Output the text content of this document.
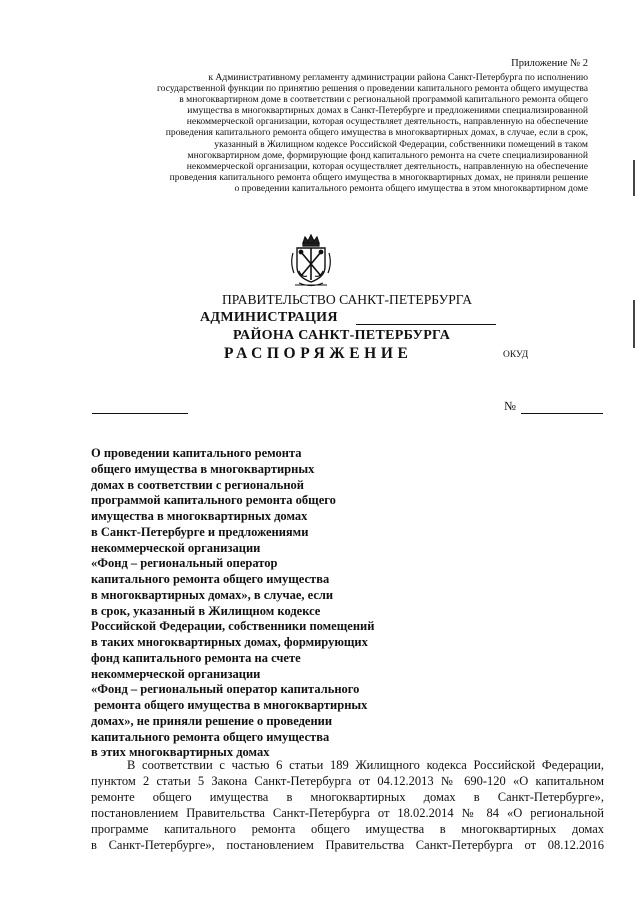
Приложение № 2
к Административному регламенту администрации района Санкт-Петербурга по исполнению
государственной функции по принятию решения о проведении капитального ремонта общего имущества
в многоквартирном доме в соответствии с региональной программой капитального ремонта общего
имущества в многоквартирных домах в Санкт-Петербурге и предложениями специализированной
некоммерческой организации, которая осуществляет деятельность, направленную на обеспечение
проведения капитального ремонта общего имущества в многоквартирных домах, в случае, если в срок,
указанный в Жилищном кодексе Российской Федерации, собственники помещений в таком
многоквартирном доме, формирующие фонд капитального ремонта на счете специализированной
некоммерческой организации, которая осуществляет деятельность, направленную на обеспечение
проведения капитального ремонта общего имущества в многоквартирных домах, не приняли решение
о проведении капитального ремонта общего имущества в этом многоквартирном доме
ПРАВИТЕЛЬСТВО САНКТ-ПЕТЕРБУРГА
АДМИНИСТРАЦИЯ
РАЙОНА САНКТ-ПЕТЕРБУРГА
РАСПОРЯЖЕНИЕ	ОКУД
№
О проведении капитального ремонта
общего имущества в многоквартирных
домах в соответствии с региональной
программой капитального ремонта общего
имущества в многоквартирных домах
в Санкт-Петербурге и предложениями
некоммерческой организации
«Фонд – региональный оператор
капитального ремонта общего имущества
в многоквартирных домах», в случае, если
в срок, указанный в Жилищном кодексе
Российской Федерации, собственники помещений
в таких многоквартирных домах, формирующих
фонд капитального ремонта на счете
некоммерческой организации
«Фонд – региональный оператор капитального
ремонта общего имущества в многоквартирных
домах», не приняли решение о проведении
капитального ремонта общего имущества
в этих многоквартирных домах
В соответствии с частью 6 статьи 189 Жилищного кодекса Российской Федерации,
пунктом 2 статьи 5 Закона Санкт-Петербурга от 04.12.2013 № 690-120 «О капитальном
ремонте общего имущества в многоквартирных домах в Санкт-Петербурге»,
постановлением Правительства Санкт-Петербурга от 18.02.2014 № 84 «О региональной
программе капитального ремонта общего имущества в многоквартирных домах
в Санкт-Петербурге», постановлением Правительства Санкт-Петербурга от 08.12.2016
